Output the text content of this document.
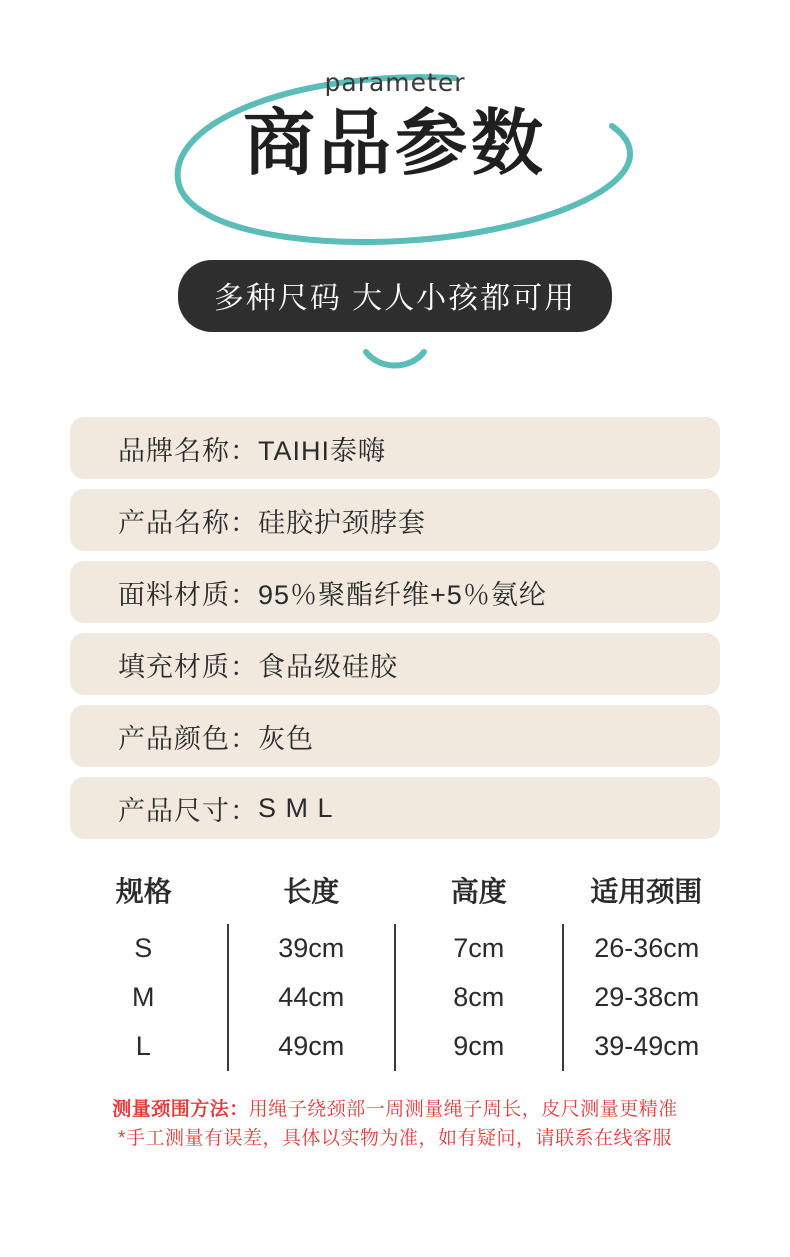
parameter
商品参数
多种尺码 大人小孩都可用
品牌名称： TAIHI泰嗨
产品名称： 硅胶护颈脖套
面料材质： 95％聚酯纤维+5％氨纶
填充材质： 食品级硅胶
产品颜色： 灰色
产品尺寸： S M L
规格	长度	高度	适用颈围
S	39cm	7cm	26-36cm
M	44cm	8cm	29-38cm
L	49cm	9cm	39-49cm
测量颈围方法：用绳子绕颈部一周测量绳子周长，皮尺测量更精准
*手工测量有误差，具体以实物为准，如有疑问，请联系在线客服
